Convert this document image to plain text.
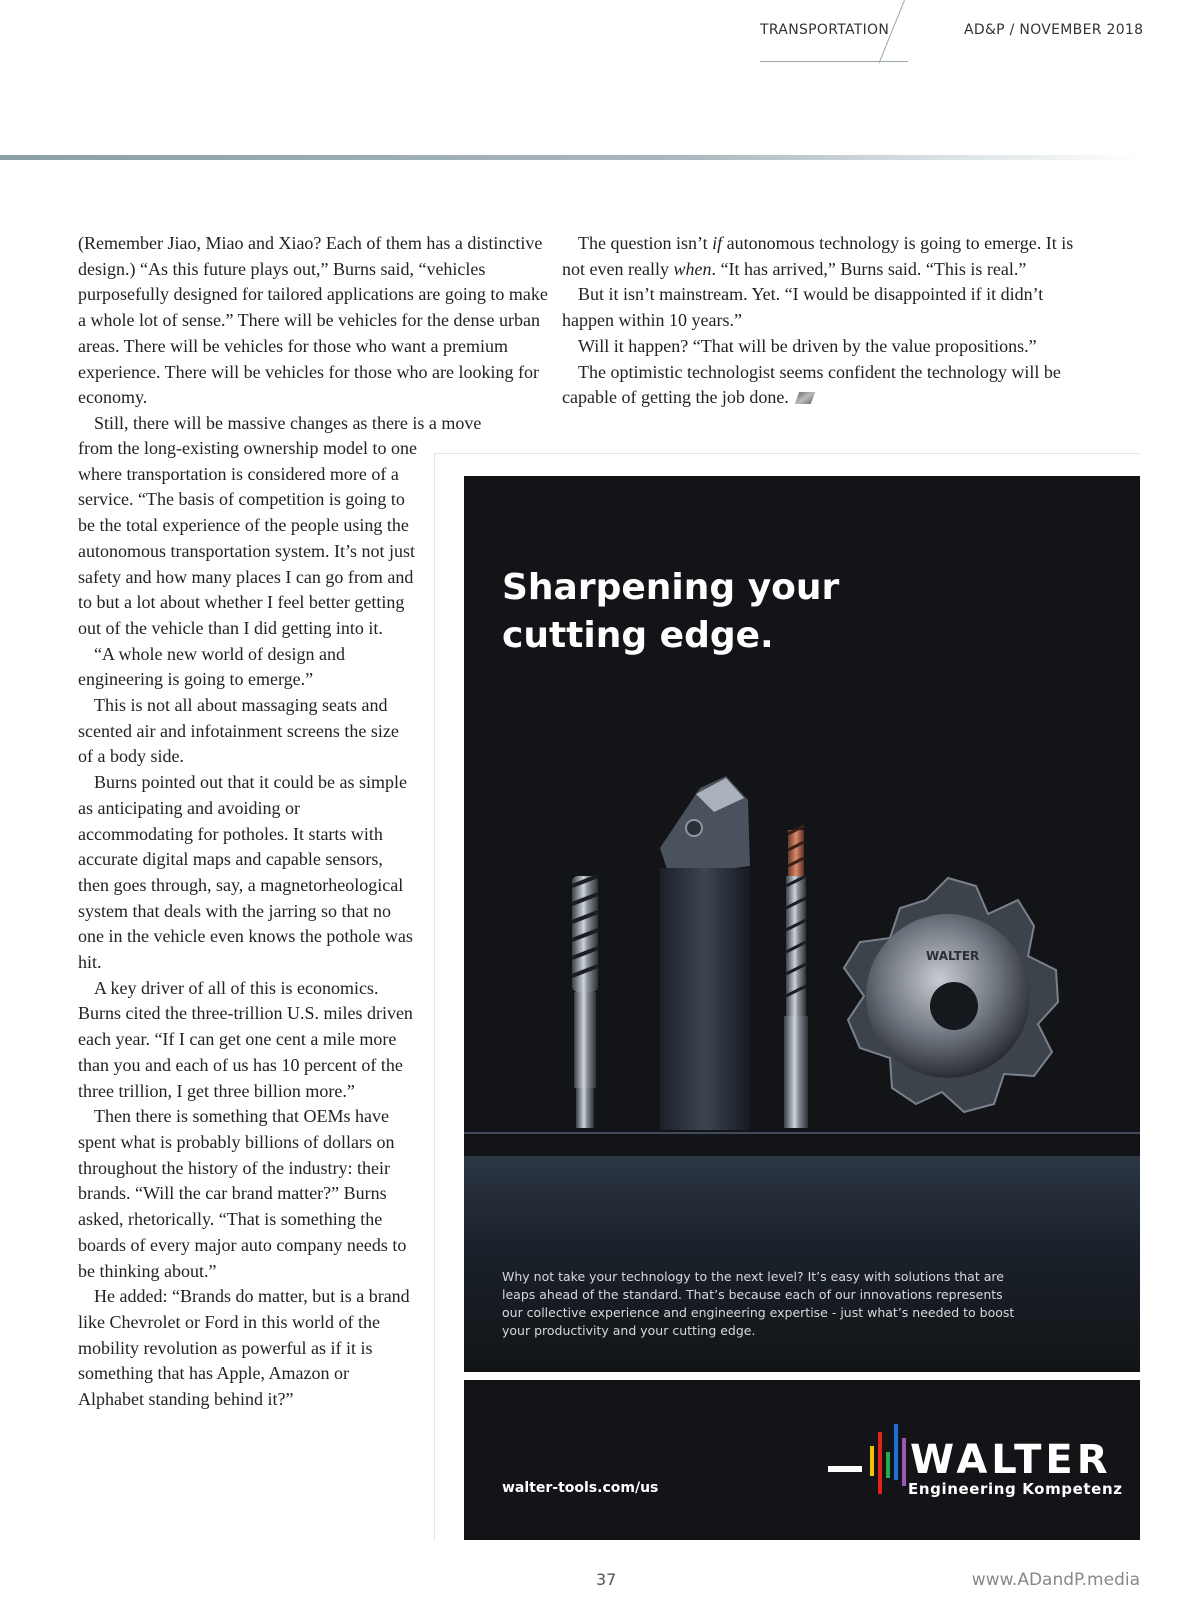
TRANSPORTATION	AD&P / NOVEMBER 2018

(Remember Jiao, Miao and Xiao? Each of them has a distinctive design.) “As this future plays out,” Burns said, “vehicles purposefully designed for tailored applications are going to make a whole lot of sense.” There will be vehicles for the dense urban areas. There will be vehicles for those who want a premium experience. There will be vehicles for those who are looking for economy.

Still, there will be massive changes as there is a move

from the long-existing ownership model to one where transportation is considered more of a service. “The basis of competition is going to be the total experience of the people using the autonomous transportation system. It’s not just safety and how many places I can go from and to but a lot about whether I feel better getting out of the vehicle than I did getting into it.

“A whole new world of design and engineering is going to emerge.”

This is not all about massaging seats and scented air and infotainment screens the size of a body side.

Burns pointed out that it could be as simple as anticipating and avoiding or accommodating for potholes. It starts with accurate digital maps and capable sensors, then goes through, say, a magnetorheological system that deals with the jarring so that no one in the vehicle even knows the pothole was hit.

A key driver of all of this is economics. Burns cited the three-trillion U.S. miles driven each year. “If I can get one cent a mile more than you and each of us has 10 percent of the three trillion, I get three billion more.”

Then there is something that OEMs have spent what is probably billions of dollars on throughout the history of the industry: their brands. “Will the car brand matter?” Burns asked, rhetorically. “That is something the boards of every major auto company needs to be thinking about.”

He added: “Brands do matter, but is a brand like Chevrolet or Ford in this world of the mobility revolution as powerful as if it is something that has Apple, Amazon or Alphabet standing behind it?”

The question isn’t if autonomous technology is going to emerge. It is not even really when. “It has arrived,” Burns said. “This is real.”

But it isn’t mainstream. Yet. “I would be disappointed if it didn’t happen within 10 years.”

Will it happen? “That will be driven by the value propositions.”

The optimistic technologist seems confident the technology will be capable of getting the job done.

WALTER
Sharpening your cutting edge.
Why not take your technology to the next level? It’s easy with solutions that are leaps ahead of the standard. That’s because each of our innovations represents our collective experience and engineering expertise - just what’s needed to boost your productivity and your cutting edge.
walter-tools.com/us
WALTER
Engineering Kompetenz
37	www.ADandP.media
